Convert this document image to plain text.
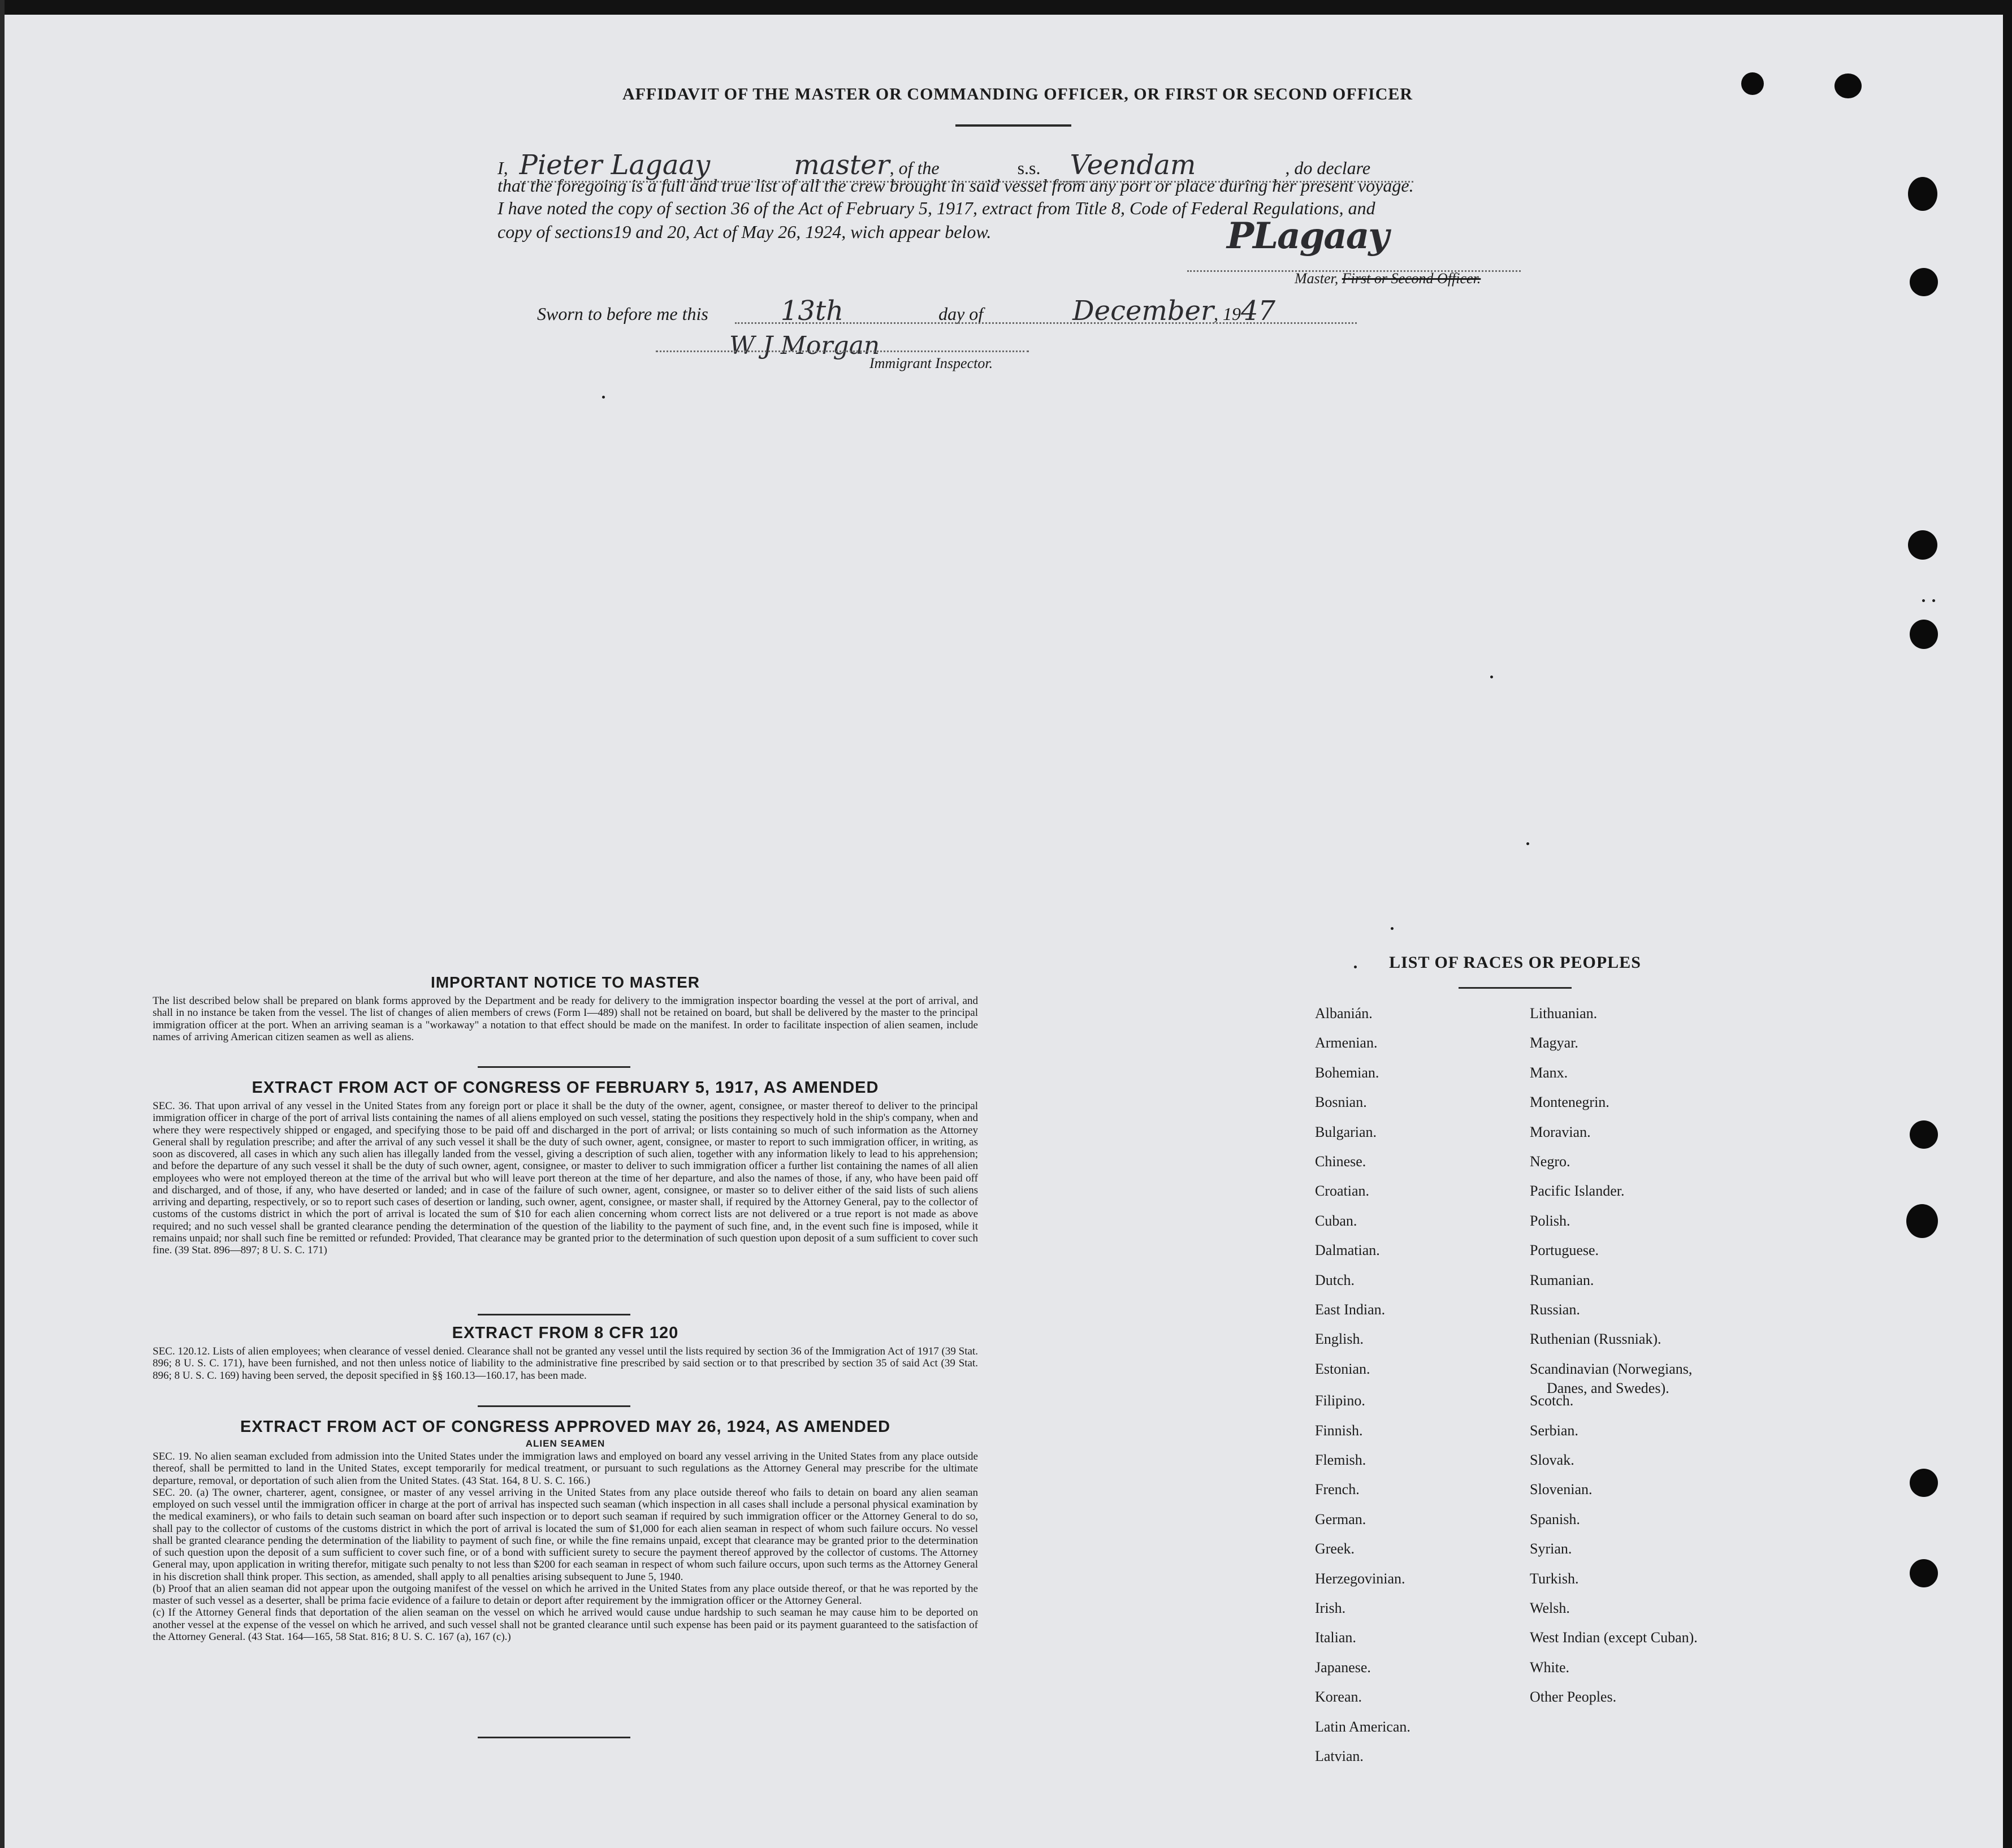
AFFIDAVIT OF THE MASTER OR COMMANDING OFFICER, OR FIRST OR SECOND OFFICER
I, Pieter Lagaay	master, of the	s.s. Veendam	, do declare
that the foregoing is a full and true list of all the crew brought in said vessel from any port or place during her present voyage.
I have noted the copy of section 36 of the Act of February 5, 1917, extract from Title 8, Code of Federal Regulations, and
copy of sections19 and 20, Act of May 26, 1924, wich appear below.	PLagaay
Master, First or Second Officer.
Sworn to before me this	13th	day of	December, 1947
W J Morgan
Immigrant Inspector.
IMPORTANT NOTICE TO MASTER
The list described below shall be prepared on blank forms approved by the Department and be ready for delivery to the immigration inspector boarding the vessel at the port of arrival, and shall in no instance be taken from the vessel. The list of changes of alien members of crews (Form I—489) shall not be retained on board, but shall be delivered by the master to the principal immigration officer at the port. When an arriving seaman is a "workaway" a notation to that effect should be made on the manifest. In order to facilitate inspection of alien seamen, include names of arriving American citizen seamen as well as aliens.
EXTRACT FROM ACT OF CONGRESS OF FEBRUARY 5, 1917, AS AMENDED
SEC. 36. That upon arrival of any vessel in the United States from any foreign port or place it shall be the duty of the owner, agent, consignee, or master thereof to deliver to the principal immigration officer in charge of the port of arrival lists containing the names of all aliens employed on such vessel, stating the positions they respectively hold in the ship's company, when and where they were respectively shipped or engaged, and specifying those to be paid off and discharged in the port of arrival; or lists containing so much of such information as the Attorney General shall by regulation prescribe; and after the arrival of any such vessel it shall be the duty of such owner, agent, consignee, or master to report to such immigration officer, in writing, as soon as discovered, all cases in which any such alien has illegally landed from the vessel, giving a description of such alien, together with any information likely to lead to his apprehension; and before the departure of any such vessel it shall be the duty of such owner, agent, consignee, or master to deliver to such immigration officer a further list containing the names of all alien employees who were not employed thereon at the time of the arrival but who will leave port thereon at the time of her departure, and also the names of those, if any, who have been paid off and discharged, and of those, if any, who have deserted or landed; and in case of the failure of such owner, agent, consignee, or master so to deliver either of the said lists of such aliens arriving and departing, respectively, or so to report such cases of desertion or landing, such owner, agent, consignee, or master shall, if required by the Attorney General, pay to the collector of customs of the customs district in which the port of arrival is located the sum of $10 for each alien concerning whom correct lists are not delivered or a true report is not made as above required; and no such vessel shall be granted clearance pending the determination of the question of the liability to the payment of such fine, and, in the event such fine is imposed, while it remains unpaid; nor shall such fine be remitted or refunded: Provided, That clearance may be granted prior to the determination of such question upon deposit of a sum sufficient to cover such fine. (39 Stat. 896—897; 8 U. S. C. 171)
EXTRACT FROM 8 CFR 120
SEC. 120.12. Lists of alien employees; when clearance of vessel denied. Clearance shall not be granted any vessel until the lists required by section 36 of the Immigration Act of 1917 (39 Stat. 896; 8 U. S. C. 171), have been furnished, and not then unless notice of liability to the administrative fine prescribed by said section or to that prescribed by section 35 of said Act (39 Stat. 896; 8 U. S. C. 169) having been served, the deposit specified in §§ 160.13—160.17, has been made.
EXTRACT FROM ACT OF CONGRESS APPROVED MAY 26, 1924, AS AMENDED
ALIEN SEAMEN
SEC. 19. No alien seaman excluded from admission into the United States under the immigration laws and employed on board any vessel arriving in the United States from any place outside thereof, shall be permitted to land in the United States, except temporarily for medical treatment, or pursuant to such regulations as the Attorney General may prescribe for the ultimate departure, removal, or deportation of such alien from the United States. (43 Stat. 164, 8 U. S. C. 166.)
SEC. 20. (a) The owner, charterer, agent, consignee, or master of any vessel arriving in the United States from any place outside thereof who fails to detain on board any alien seaman employed on such vessel until the immigration officer in charge at the port of arrival has inspected such seaman (which inspection in all cases shall include a personal physical examination by the medical examiners), or who fails to detain such seaman on board after such inspection or to deport such seaman if required by such immigration officer or the Attorney General to do so, shall pay to the collector of customs of the customs district in which the port of arrival is located the sum of $1,000 for each alien seaman in respect of whom such failure occurs. No vessel shall be granted clearance pending the determination of the liability to payment of such fine, or while the fine remains unpaid, except that clearance may be granted prior to the determination of such question upon the deposit of a sum sufficient to cover such fine, or of a bond with sufficient surety to secure the payment thereof approved by the collector of customs. The Attorney General may, upon application in writing therefor, mitigate such penalty to not less than $200 for each seaman in respect of whom such failure occurs, upon such terms as the Attorney General in his discretion shall think proper. This section, as amended, shall apply to all penalties arising subsequent to June 5, 1940.
(b) Proof that an alien seaman did not appear upon the outgoing manifest of the vessel on which he arrived in the United States from any place outside thereof, or that he was reported by the master of such vessel as a deserter, shall be prima facie evidence of a failure to detain or deport after requirement by the immigration officer or the Attorney General.
(c) If the Attorney General finds that deportation of the alien seaman on the vessel on which he arrived would cause undue hardship to such seaman he may cause him to be deported on another vessel at the expense of the vessel on which he arrived, and such vessel shall not be granted clearance until such expense has been paid or its payment guaranteed to the satisfaction of the Attorney General. (43 Stat. 164—165, 58 Stat. 816; 8 U. S. C. 167 (a), 167 (c).)
LIST OF RACES OR PEOPLES
Albanián.
Armenian.
Bohemian.
Bosnian.
Bulgarian.
Chinese.
Croatian.
Cuban.
Dalmatian.
Dutch.
East Indian.
English.
Estonian.
Filipino.
Finnish.
Flemish.
French.
German.
Greek.
Herzegovinian.
Irish.
Italian.
Japanese.
Korean.
Latin American.
Latvian.
Lithuanian.
Magyar.
Manx.
Montenegrin.
Moravian.
Negro.
Pacific Islander.
Polish.
Portuguese.
Rumanian.
Russian.
Ruthenian (Russniak).
Scandinavian (Norwegians,
Danes, and Swedes).
Scotch.
Serbian.
Slovak.
Slovenian.
Spanish.
Syrian.
Turkish.
Welsh.
West Indian (except Cuban).
White.
Other Peoples.
